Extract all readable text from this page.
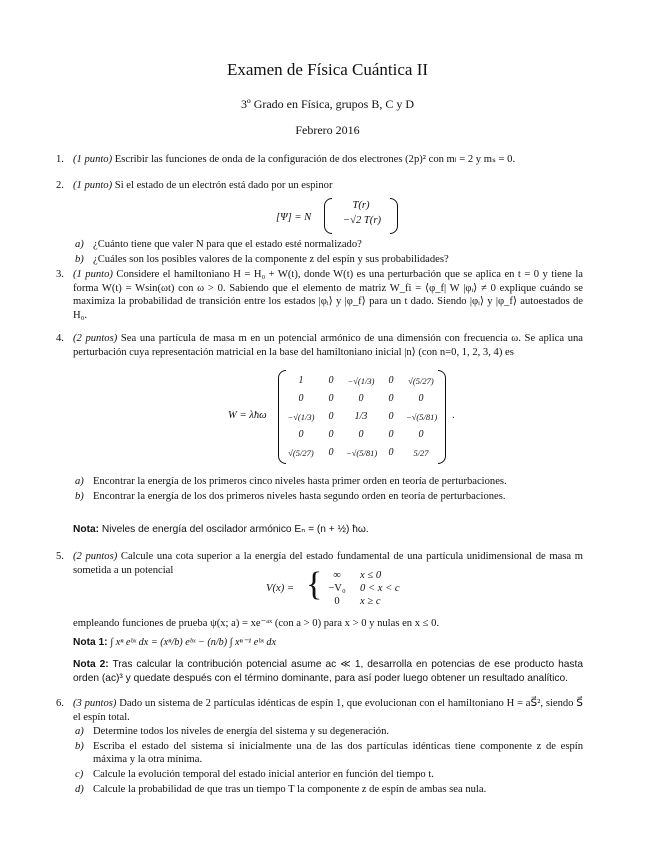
Examen de Física Cuántica II
3º Grado en Física, grupos B, C y D
Febrero 2016
1. (1 punto) Escribir las funciones de onda de la configuración de dos electrones (2p)² con mₗ = 2 y mₛ = 0.
2. (1 punto) Si el estado de un electrón está dado por un espinor
[Ψ] = N
T(r)
−√2 T(r)
a) ¿Cuánto tiene que valer N para que el estado esté normalizado?
b) ¿Cuáles son los posibles valores de la componente z del espín y sus probabilidades?
3. (1 punto) Considere el hamiltoniano H = H₀ + W(t), donde W(t) es una perturbación que se aplica en t = 0 y tiene la forma W(t) = Wsin(ωt) con ω > 0. Sabiendo que el elemento de matriz W_fi = ⟨φ_f| W |φᵢ⟩ ≠ 0 explique cuándo se maximiza la probabilidad de transición entre los estados |φᵢ⟩ y |φ_f⟩ para un t dado. Siendo |φᵢ⟩ y |φ_f⟩ autoestados de H₀.
4. (2 puntos) Sea una partícula de masa m en un potencial armónico de una dimensión con frecuencia ω. Se aplica una perturbación cuya representación matricial en la base del hamiltoniano inicial |n⟩ (con n=0, 1, 2, 3, 4) es
W = λħω
1	0	−√(1/3)	0	√(5/27)
0	0	0	0	0
−√(1/3)	0	1/3	0	−√(5/81)
0	0	0	0	0
√(5/27)	0	−√(5/81)	0	5/27
.
a) Encontrar la energía de los primeros cinco niveles hasta primer orden en teoría de perturbaciones.
b) Encontrar la energía de los dos primeros niveles hasta segundo orden en teoría de perturbaciones.
Nota: Niveles de energía del oscilador armónico Eₙ = (n + ½) ħω.
5. (2 puntos) Calcule una cota superior a la energía del estado fundamental de una partícula unidimensional de masa m sometida a un potencial
V(x) = {	∞	x ≤ 0
−V₀	0 < x < c
0	x ≥ c
empleando funciones de prueba ψ(x; a) = xe⁻ᵃˣ (con a > 0) para x > 0 y nulas en x ≤ 0.
Nota 1: ∫ xⁿ eᵇˣ dx = (xⁿ/b) eᵇˣ − (n/b) ∫ xⁿ⁻¹ eᵇˣ dx
Nota 2: Tras calcular la contribución potencial asume ac ≪ 1, desarrolla en potencias de ese producto hasta orden (ac)³ y quedate después con el término dominante, para así poder luego obtener un resultado analítico.
6. (3 puntos) Dado un sistema de 2 partículas idénticas de espín 1, que evolucionan con el hamiltoniano H = aS⃗², siendo S⃗ el espín total.
a) Determine todos los niveles de energía del sistema y su degeneración.
b) Escriba el estado del sistema si inicialmente una de las dos partículas idénticas tiene componente z de espín máxima y la otra mínima.
c) Calcule la evolución temporal del estado inicial anterior en función del tiempo t.
d) Calcule la probabilidad de que tras un tiempo T la componente z de espín de ambas sea nula.
